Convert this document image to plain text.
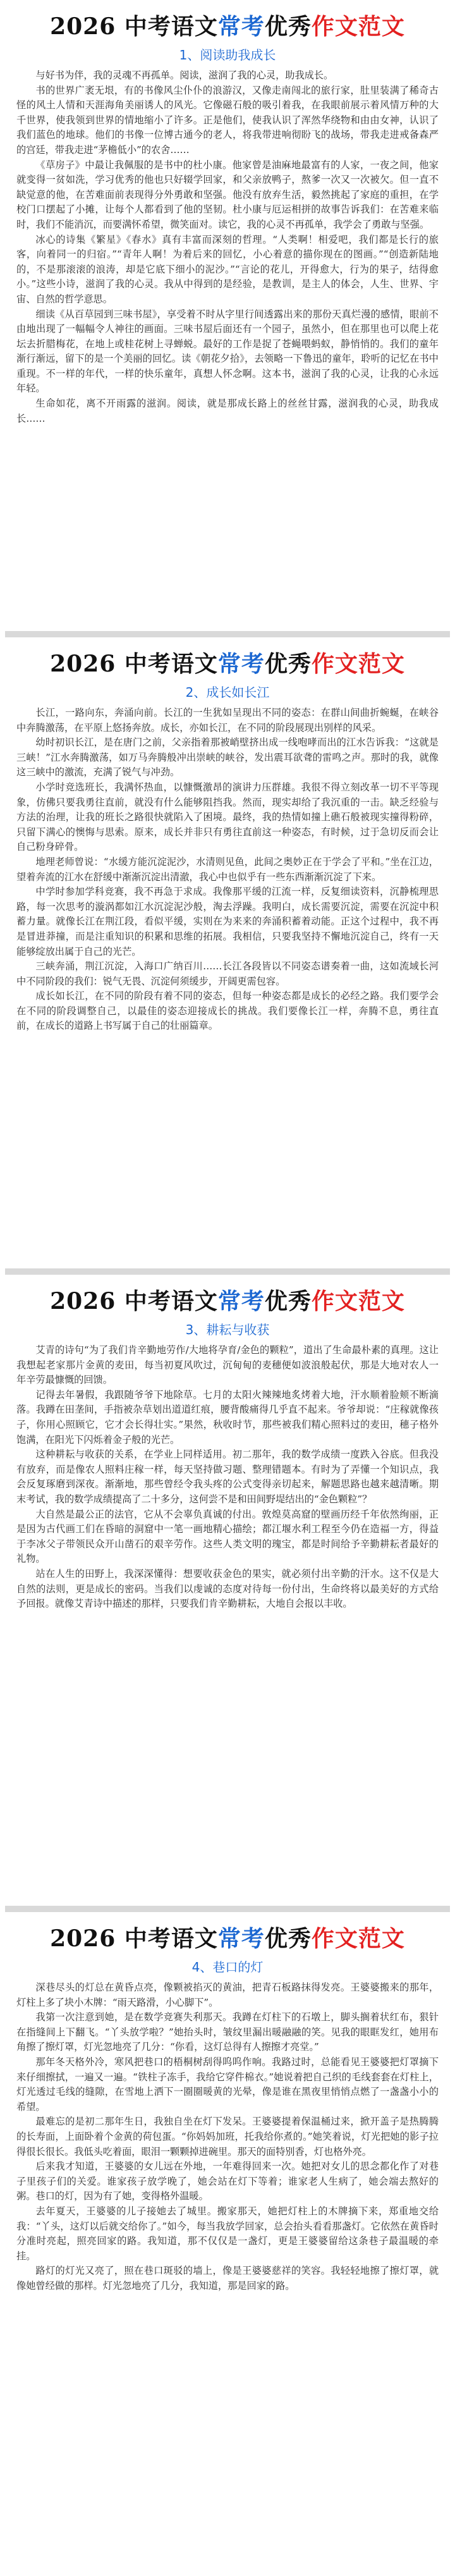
2026 中考语文常考优秀作文范文
1、阅读助我成长

与好书为伴，我的灵魂不再孤单。阅读，滋润了我的心灵，助我成长。

书的世界广袤无垠，有的书像风尘仆仆的浪游汉，又像走南闯北的旅行家，肚里装满了稀奇古怪的风土人情和天涯海角美丽诱人的风光。它像磁石般的吸引着我，在我眼前展示着风情万种的大千世界，使我领到世界的情地缩小了许多。正是他们，使我认识了浑然华绕物和由由女神，认识了我们蓝色的地球。他们的书像一位博古通今的老人，将我带进响彻盼飞的战场，带我走进戒备森严的宫廷，带我走进“茅檐低小”的农舍……

《草房子》中最让我佩服的是书中的杜小康。他家曾是油麻地最富有的人家，一夜之间，他家就变得一贫如洗，学习优秀的他也只好辍学回家，和父亲放鸭子，熬爹一次又一次被欠。但一直不缺觉意的他，在苦难面前表现得分外勇敢和坚强。他没有放弃生活，毅然挑起了家庭的重担，在学校门口摆起了小摊，让每个人都看到了他的坚韧。杜小康与厄运相拼的故事告诉我们：在苦难来临时，我们不能消沉，而要满怀希望，微笑面对。读它，我的心灵不再孤单，我学会了勇敢与坚强。

冰心的诗集《繁星》《春水》真有丰富而深刻的哲理。“人类啊！相爱吧，我们都是长行的旅客，向着同一的归宿。”“青年人啊！为着后来的回忆，小心着意的描你现在的图画。”“创造新陆地的，不是那滚滚的浪涛，却是它底下细小的泥沙。”“言论的花儿，开得愈大，行为的果子，结得愈小。”这些小诗，滋润了我的心灵。我从中得到的是经验，是教训，是主人的体会，人生、世界、宇宙、自然的哲学意思。

细读《从百草园到三味书屋》，享受着不时从字里行间透露出来的那份天真烂漫的感情，眼前不由地出现了一幅幅令人神往的画面。三味书屋后面还有一个园子，虽然小，但在那里也可以爬上花坛去折腊梅花，在地上或桂花树上寻蝉蜕。最好的工作是捉了苍蝇喂蚂蚁，静悄悄的。我们的童年渐行渐远，留下的是一个美丽的回忆。读《朝花夕拾》，去领略一下鲁迅的童年，聆听的记忆在书中重现。不一样的年代，一样的快乐童年，真想人怀念啊。这本书，滋润了我的心灵，让我的心永远年轻。

生命如花，离不开雨露的滋润。阅读，就是那成长路上的丝丝甘露，滋润我的心灵，助我成长……

2026 中考语文常考优秀作文范文
2、成长如长江

长江，一路向东，奔涌向前。长江的一生犹如呈现出不同的姿态：在群山间曲折蜿蜒，在峡谷中奔腾激荡，在平原上悠扬奔放。成长，亦如长江，在不同的阶段展现出别样的风采。

幼时初识长江，是在唐门之前，父亲指着那被峭壁挤出成一线咆哮而出的江水告诉我：“这就是三峡！”江水奔腾激荡，如万马奔腾般冲出崇峡的峡谷，发出震耳欲聋的雷鸣之声。那时的我，就像这三峡中的激流，充满了锐气与冲劲。

小学时竞选班长，我满怀热血，以慷慨激昂的演讲力压群雄。我很不得立刻改革一切不平等现象，仿佛只要我勇往直前，就没有什么能够阻挡我。然而，现实却给了我沉重的一击。缺乏经验与方法的治理，让我的班长之路很快就陷入了困境。最终，我的热情如撞上礁石般被现实撞得粉碎，只留下满心的懊悔与思索。原来，成长并非只有勇往直前这一种姿态，有时候，过于急切反而会让自己粉身碎骨。

地理老师曾说：“水缓方能沉淀泥沙，水清则见鱼，此间之奥妙正在于学会了平和。”坐在江边，望着奔流的江水在舒缓中渐渐沉淀出清澈，我心中也似乎有一些东西渐渐沉淀了下来。

中学时参加学科竞赛，我不再急于求成。我像那平缓的江流一样，反复细读资料，沉静梳理思路，每一次思考的漩涡都如江水沉淀泥沙般，淘去浮躁。我明白，成长需要沉淀，需要在沉淀中积蓄力量。就像长江在荆江段，看似平缓，实则在为来来的奔涌积蓄着动能。正这个过程中，我不再是冒进莽撞，而是注重知识的积累和思维的拓展。我相信，只要我坚持不懈地沉淀自己，终有一天能够绽放出属于自己的光芒。

三峡奔涌，荆江沉淀，入海口广纳百川……长江各段皆以不同姿态谱奏着一曲，这如流域长河中不同阶段的我们：锐气无畏、沉淀何须缓步，开阔更需包容。

成长如长江，在不同的阶段有着不同的姿态，但每一种姿态都是成长的必经之路。我们要学会在不同的阶段调整自己，以最佳的姿态迎接成长的挑战。我们要像长江一样，奔腾不息，勇往直前，在成长的道路上书写属于自己的壮丽篇章。

2026 中考语文常考优秀作文范文
3、耕耘与收获

艾青的诗句“为了我们肯辛勤地劳作/大地将孕育/金色的颗粒”，道出了生命最朴素的真理。这让我想起老家那片金黄的麦田，每当初夏风吹过，沉甸甸的麦穗便如波浪般起伏，那是大地对农人一年辛劳最慷慨的回馈。

记得去年暑假，我跟随爷爷下地除草。七月的太阳火辣辣地炙烤着大地，汗水顺着脸颊不断滴落。我蹲在田垄间，手指被杂草划出道道红痕，腰背酸痛得几乎直不起来。爷爷却说：“庄稼就像孩子，你用心照顾它，它才会长得壮实。”果然，秋收时节，那些被我们精心照料过的麦田，穗子格外饱满，在阳光下闪烁着金子般的光芒。

这种耕耘与收获的关系，在学业上同样适用。初二那年，我的数学成绩一度跌入谷底。但我没有放弃，而是像农人照料庄稼一样，每天坚持做习题、整理错题本。有时为了弄懂一个知识点，我会反复琢磨到深夜。渐渐地，那些曾经令我头疼的公式变得亲切起来，解题思路也越来越清晰。期末考试，我的数学成绩提高了二十多分，这何尝不是和田间野堤结出的“金色颗粒”？

大自然是最公正的法官，它从不会辜负真诚的付出。敦煌莫高窟的壁画历经千年依然绚丽，正是因为古代画工们在昏暗的洞窟中一笔一画地精心描绘；都江堰水利工程至今仍在造福一方，得益于李冰父子带领民众开山凿石的艰辛劳作。这些人类文明的瑰宝，都是时间给予辛勤耕耘者最好的礼物。

站在人生的田野上，我深深懂得：想要收获金色的果实，就必须付出辛勤的汗水。这不仅是大自然的法则，更是成长的密码。当我们以虔诚的态度对待每一份付出，生命终将以最美好的方式给予回报。就像艾青诗中描述的那样，只要我们肯辛勤耕耘，大地自会报以丰收。

2026 中考语文常考优秀作文范文
4、巷口的灯

深巷尽头的灯总在黄昏点亮，像颗被掐灭的黄油，把青石板路抹得发亮。王婆婆搬来的那年，灯柱上多了块小木牌：“雨天路滑，小心脚下”。

我第一次注意到她，是在数学竞赛失利那天。我蹲在灯柱下的石墩上，脚头搁着状红布，狠针在指缝间上下翻飞。“丫头放学啦？”她抬头时，皱纹里漏出暖融融的笑。见我的眼眶发红，她用布角擦了擦灯罩，灯光忽地亮了几分：“你看，这灯总得有人擦擦才亮堂。”

那年冬天格外冷，寒风把巷口的梧桐树刮得呜呜作响。我路过时，总能看见王婆婆把灯罩摘下来仔细擦拭，一遍又一遍。“铁柱子冻手，我给它穿件棉衣。”她说着把自己织的毛线套套在灯柱上，灯光透过毛线的缝隙，在雪地上洒下一圈圈暖黄的光晕，像是谁在黑夜里悄悄点燃了一盏盏小小的希望。

最难忘的是初二那年生日，我独自坐在灯下发呆。王婆婆提着保温桶过来，掀开盖子是热腾腾的长寿面，上面卧着个金黄的荷包蛋。“你妈妈加班，托我给你煮的。”她笑着说，灯光把她的影子拉得很长很长。我低头吃着面，眼泪一颗颗掉进碗里。那天的面特别香，灯也格外亮。

后来我才知道，王婆婆的女儿远在外地，一年难得回来一次。她把对女儿的思念都化作了对巷子里孩子们的关爱。谁家孩子放学晚了，她会站在灯下等着；谁家老人生病了，她会端去熬好的粥。巷口的灯，因为有了她，变得格外温暖。

去年夏天，王婆婆的儿子接她去了城里。搬家那天，她把灯柱上的木牌摘下来，郑重地交给我：“丫头，这灯以后就交给你了。”如今，每当我放学回家，总会抬头看看那盏灯。它依然在黄昏时分准时亮起，照亮回家的路。我知道，那不仅仅是一盏灯，更是王婆婆留给这条巷子最温暖的牵挂。

路灯的灯光又亮了，照在巷口斑驳的墙上，像是王婆婆慈祥的笑容。我轻轻地擦了擦灯罩，就像她曾经做的那样。灯光忽地亮了几分，我知道，那是回家的路。
